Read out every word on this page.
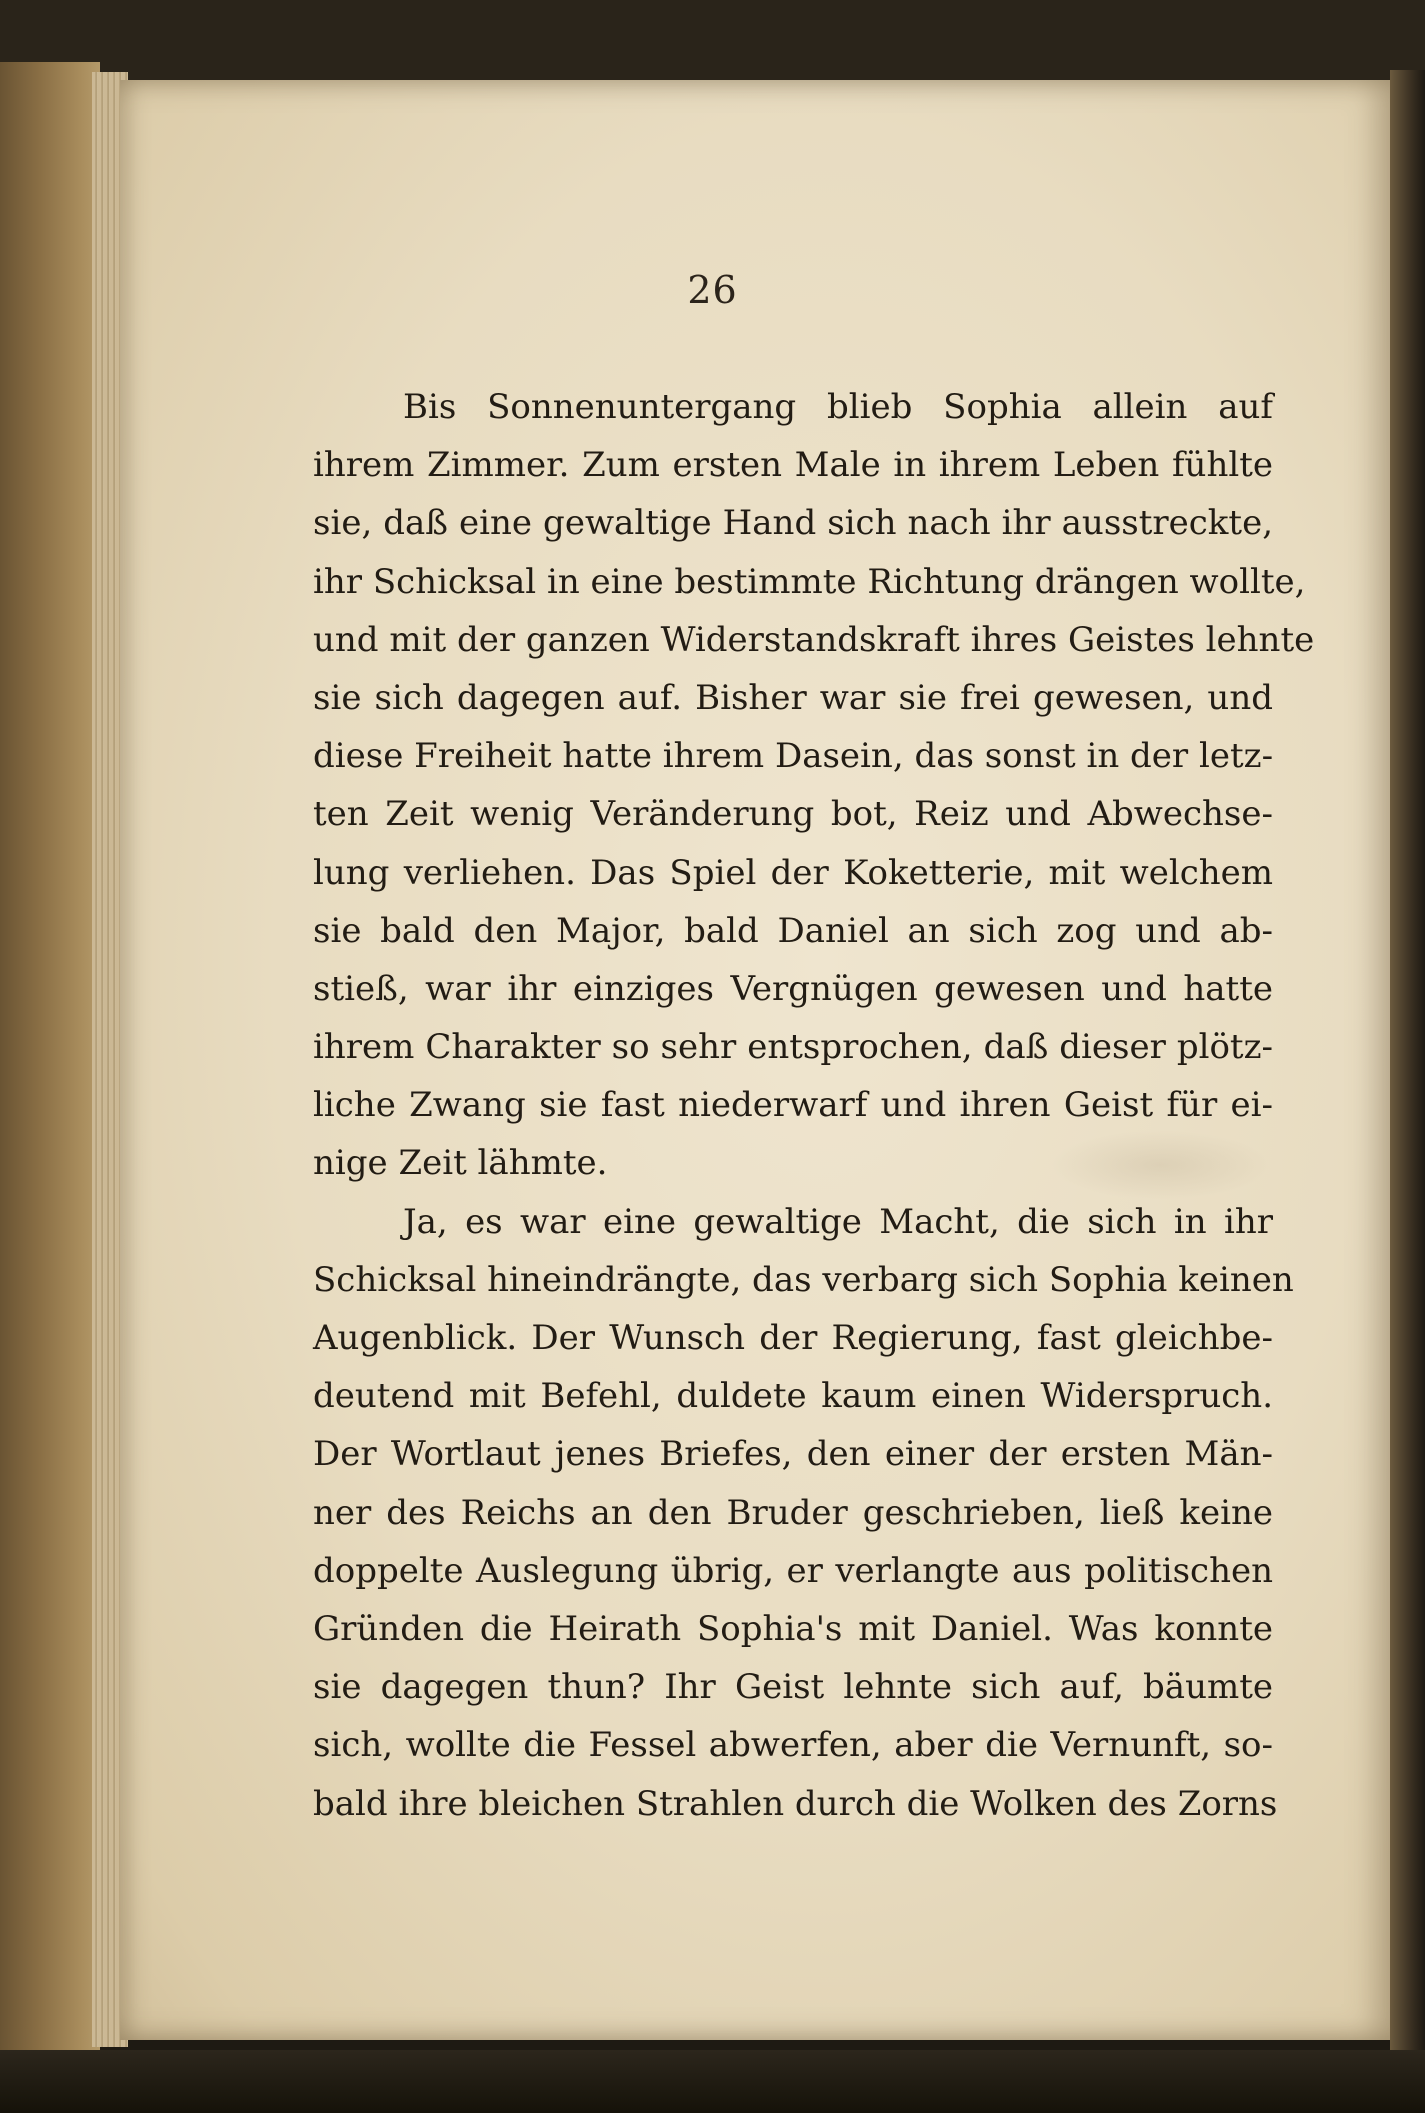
26
Bis Sonnenuntergang blieb Sophia allein auf
ihrem Zimmer. Zum ersten Male in ihrem Leben fühlte
sie, daß eine gewaltige Hand sich nach ihr ausstreckte,
ihr Schicksal in eine bestimmte Richtung drängen wollte,
und mit der ganzen Widerstandskraft ihres Geistes lehnte
sie sich dagegen auf. Bisher war sie frei gewesen, und
diese Freiheit hatte ihrem Dasein, das sonst in der letz-
ten Zeit wenig Veränderung bot, Reiz und Abwechse-
lung verliehen. Das Spiel der Koketterie, mit welchem
sie bald den Major, bald Daniel an sich zog und ab-
stieß, war ihr einziges Vergnügen gewesen und hatte
ihrem Charakter so sehr entsprochen, daß dieser plötz-
liche Zwang sie fast niederwarf und ihren Geist für ei-
nige Zeit lähmte.
Ja, es war eine gewaltige Macht, die sich in ihr
Schicksal hineindrängte, das verbarg sich Sophia keinen
Augenblick. Der Wunsch der Regierung, fast gleichbe-
deutend mit Befehl, duldete kaum einen Widerspruch.
Der Wortlaut jenes Briefes, den einer der ersten Män-
ner des Reichs an den Bruder geschrieben, ließ keine
doppelte Auslegung übrig, er verlangte aus politischen
Gründen die Heirath Sophia's mit Daniel. Was konnte
sie dagegen thun? Ihr Geist lehnte sich auf, bäumte
sich, wollte die Fessel abwerfen, aber die Vernunft, so-
bald ihre bleichen Strahlen durch die Wolken des Zorns
